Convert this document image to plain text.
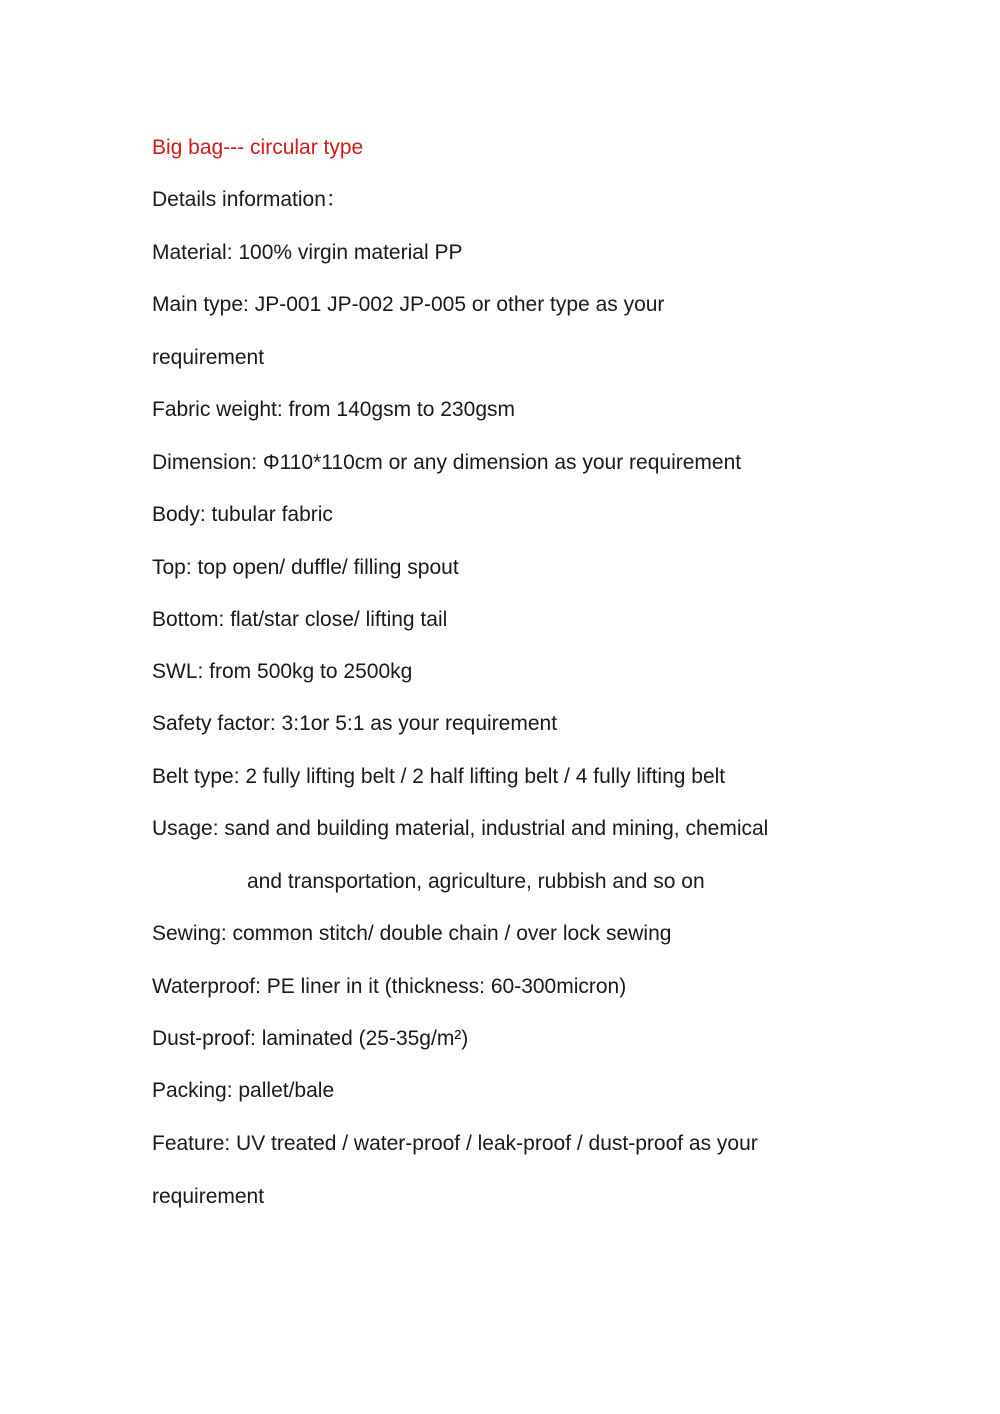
Big bag--- circular type
Details information：
Material: 100% virgin material PP
Main type: JP-001 JP-002 JP-005 or other type as your
requirement
Fabric weight: from 140gsm to 230gsm
Dimension: Φ110*110cm or any dimension as your requirement
Body: tubular fabric
Top: top open/ duffle/ filling spout
Bottom: flat/star close/ lifting tail
SWL: from 500kg to 2500kg
Safety factor: 3:1or 5:1 as your requirement
Belt type: 2 fully lifting belt / 2 half lifting belt / 4 fully lifting belt
Usage: sand and building material, industrial and mining, chemical
and transportation, agriculture, rubbish and so on
Sewing: common stitch/ double chain / over lock sewing
Waterproof: PE liner in it (thickness: 60-300micron)
Dust-proof: laminated (25-35g/m²)
Packing: pallet/bale
Feature: UV treated / water-proof / leak-proof / dust-proof as your
requirement
